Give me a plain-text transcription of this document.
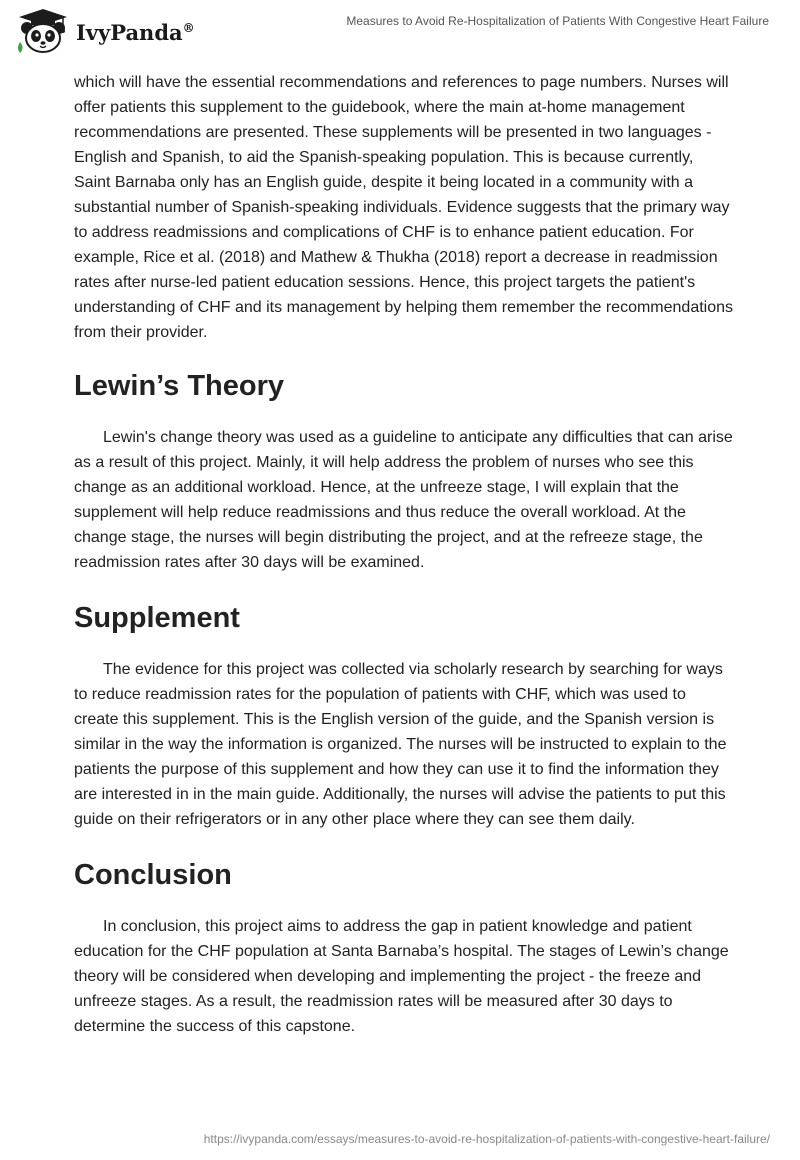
IvyPanda®	Measures to Avoid Re-Hospitalization of Patients With Congestive Heart Failure

which will have the essential recommendations and references to page numbers. Nurses will offer patients this supplement to the guidebook, where the main at-home management recommendations are presented. These supplements will be presented in two languages - English and Spanish, to aid the Spanish-speaking population. This is because currently, Saint Barnaba only has an English guide, despite it being located in a community with a substantial number of Spanish-speaking individuals. Evidence suggests that the primary way to address readmissions and complications of CHF is to enhance patient education. For example, Rice et al. (2018) and Mathew & Thukha (2018) report a decrease in readmission rates after nurse-led patient education sessions. Hence, this project targets the patient's understanding of CHF and its management by helping them remember the recommendations from their provider.

Lewin’s Theory

Lewin's change theory was used as a guideline to anticipate any difficulties that can arise as a result of this project. Mainly, it will help address the problem of nurses who see this change as an additional workload. Hence, at the unfreeze stage, I will explain that the supplement will help reduce readmissions and thus reduce the overall workload. At the change stage, the nurses will begin distributing the project, and at the refreeze stage, the readmission rates after 30 days will be examined.

Supplement

The evidence for this project was collected via scholarly research by searching for ways to reduce readmission rates for the population of patients with CHF, which was used to create this supplement. This is the English version of the guide, and the Spanish version is similar in the way the information is organized. The nurses will be instructed to explain to the patients the purpose of this supplement and how they can use it to find the information they are interested in in the main guide. Additionally, the nurses will advise the patients to put this guide on their refrigerators or in any other place where they can see them daily.

Conclusion

In conclusion, this project aims to address the gap in patient knowledge and patient education for the CHF population at Santa Barnaba’s hospital. The stages of Lewin’s change theory will be considered when developing and implementing the project - the freeze and unfreeze stages. As a result, the readmission rates will be measured after 30 days to determine the success of this capstone.

https://ivypanda.com/essays/measures-to-avoid-re-hospitalization-of-patients-with-congestive-heart-failure/
